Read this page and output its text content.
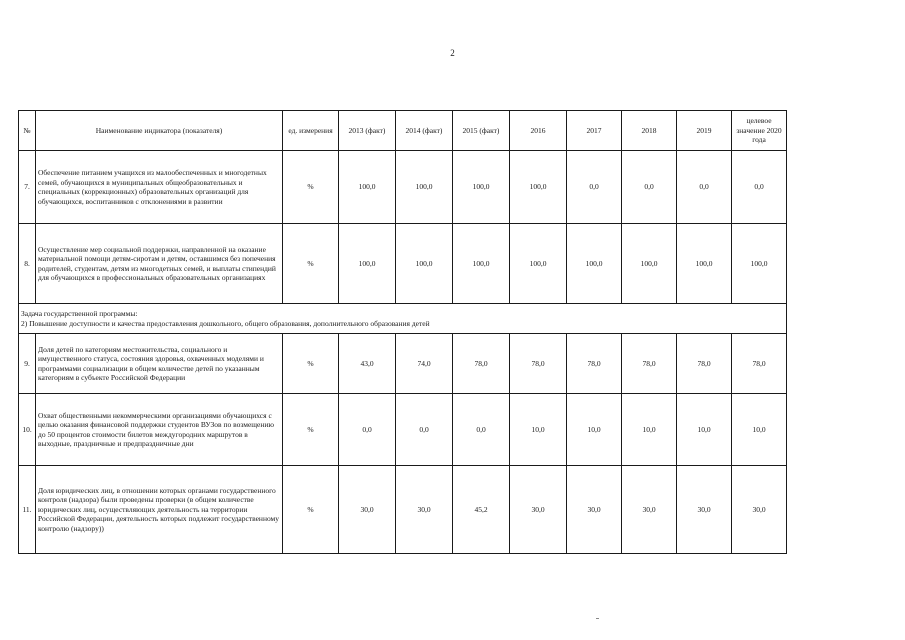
2
№	Наименование индикатора (показателя)	ед. измерения	2013 (факт)	2014 (факт)	2015 (факт)	2016	2017	2018	2019	целевое значение 2020 года
7.	Обеспечение питанием учащихся из малообеспеченных и многодетных семей, обучающихся в муниципальных общеобразовательных и специальных (коррекционных) образовательных организаций для обучающихся, воспитанников с отклонениями в развитии	%	100,0	100,0	100,0	100,0	0,0	0,0	0,0	0,0
8.	Осуществление мер социальной поддержки, направленной на оказание материальной помощи детям-сиротам и детям, оставшимся без попечения родителей, студентам, детям из многодетных семей, и выплаты стипендий для обучающихся в профессиональных образовательных организациях	%	100,0	100,0	100,0	100,0	100,0	100,0	100,0	100,0

Задача государственной программы:
2) Повышение доступности и качества предоставления дошкольного, общего образования, дополнительного образования детей										

9.	Доля детей по категориям местожительства, социального и имущественного статуса, состояния здоровья, охваченных моделями и программами социализации в общем количестве детей по указанным категориям в субъекте Российской Федерации	%	43,0	74,0	78,0	78,0	78,0	78,0	78,0	78,0
10.	Охват общественными некоммерческими организациями обучающихся с целью оказания финансовой поддержки студентов ВУЗов по возмещению до 50 процентов стоимости билетов междугородних маршрутов в выходные, праздничные и предпраздничные дни	%	0,0	0,0	0,0	10,0	10,0	10,0	10,0	10,0
11.	Доля юридических лиц, в отношении которых органами государственного контроля (надзора) были проведены проверки (в общем количестве юридических лиц, осуществляющих деятельность на территории Российской Федерации, деятельность которых подлежит государственному контролю (надзору))	%	30,0	30,0	45,2	30,0	30,0	30,0	30,0	30,0
